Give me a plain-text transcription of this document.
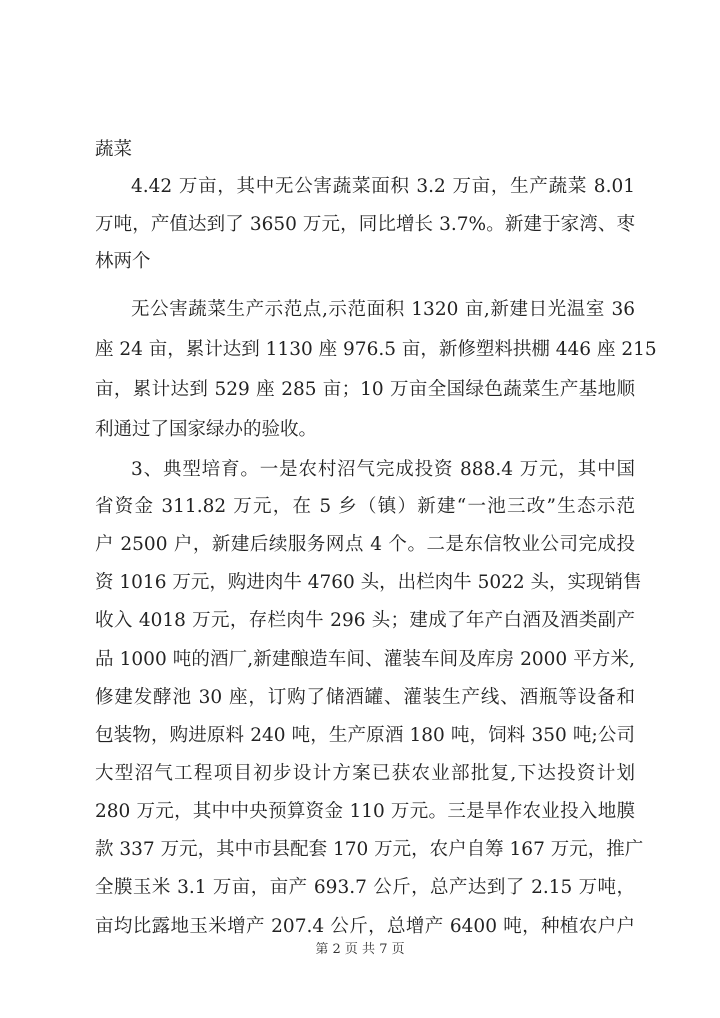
蔬菜
4.42 万亩，其中无公害蔬菜面积 3.2 万亩，生产蔬菜 8.01
万吨，产值达到了 3650 万元，同比增长 3.7%。新建于家湾、枣
林两个
无公害蔬菜生产示范点,示范面积 1320 亩,新建日光温室 36
座 24 亩，累计达到 1130 座 976.5 亩，新修塑料拱棚 446 座 215
亩，累计达到 529 座 285 亩；10 万亩全国绿色蔬菜生产基地顺
利通过了国家绿办的验收。
3、典型培育。一是农村沼气完成投资 888.4 万元，其中国
省资金 311.82 万元，在 5 乡（镇）新建“一池三改”生态示范
户 2500 户，新建后续服务网点 4 个。二是东信牧业公司完成投
资 1016 万元，购进肉牛 4760 头，出栏肉牛 5022 头，实现销售
收入 4018 万元，存栏肉牛 296 头；建成了年产白酒及酒类副产
品 1000 吨的酒厂,新建酿造车间、灌装车间及库房 2000 平方米,
修建发酵池 30 座，订购了储酒罐、灌装生产线、酒瓶等设备和
包装物，购进原料 240 吨，生产原酒 180 吨，饲料 350 吨;公司
大型沼气工程项目初步设计方案已获农业部批复,下达投资计划
280 万元，其中中央预算资金 110 万元。三是旱作农业投入地膜
款 337 万元，其中市县配套 170 万元，农户自筹 167 万元，推广
全膜玉米 3.1 万亩，亩产 693.7 公斤，总产达到了 2.15 万吨，
亩均比露地玉米增产 207.4 公斤，总增产 6400 吨，种植农户户
第 2 页 共 7 页
